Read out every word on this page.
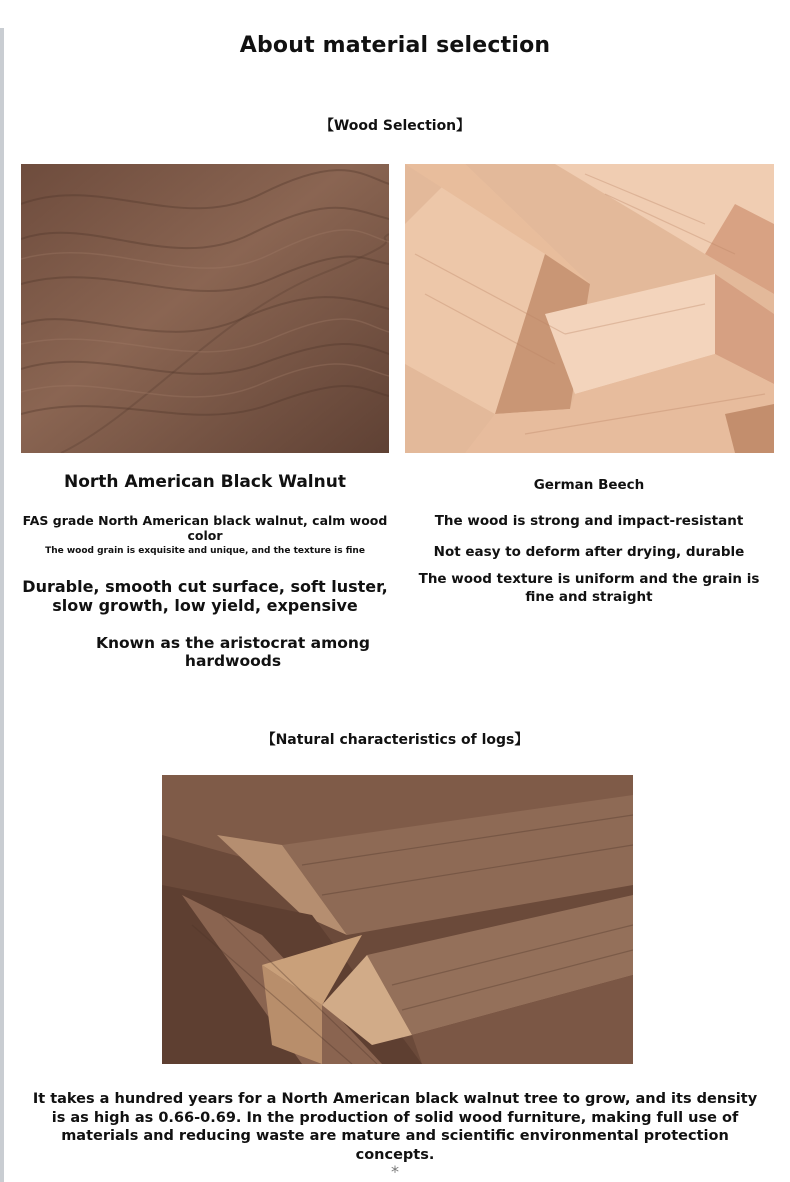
About material selection
【Wood Selection】
North American Black Walnut
FAS grade North American black walnut, calm wood color
The wood grain is exquisite and unique, and the texture is fine
Durable, smooth cut surface, soft luster, slow growth, low yield, expensive
Known as the aristocrat among hardwoods
German Beech
The wood is strong and impact-resistant
Not easy to deform after drying, durable
The wood texture is uniform and the grain is fine and straight
【Natural characteristics of logs】
It takes a hundred years for a North American black walnut tree to grow, and its density is as high as 0.66-0.69. In the production of solid wood furniture, making full use of materials and reducing waste are mature and scientific environmental protection concepts.
*
